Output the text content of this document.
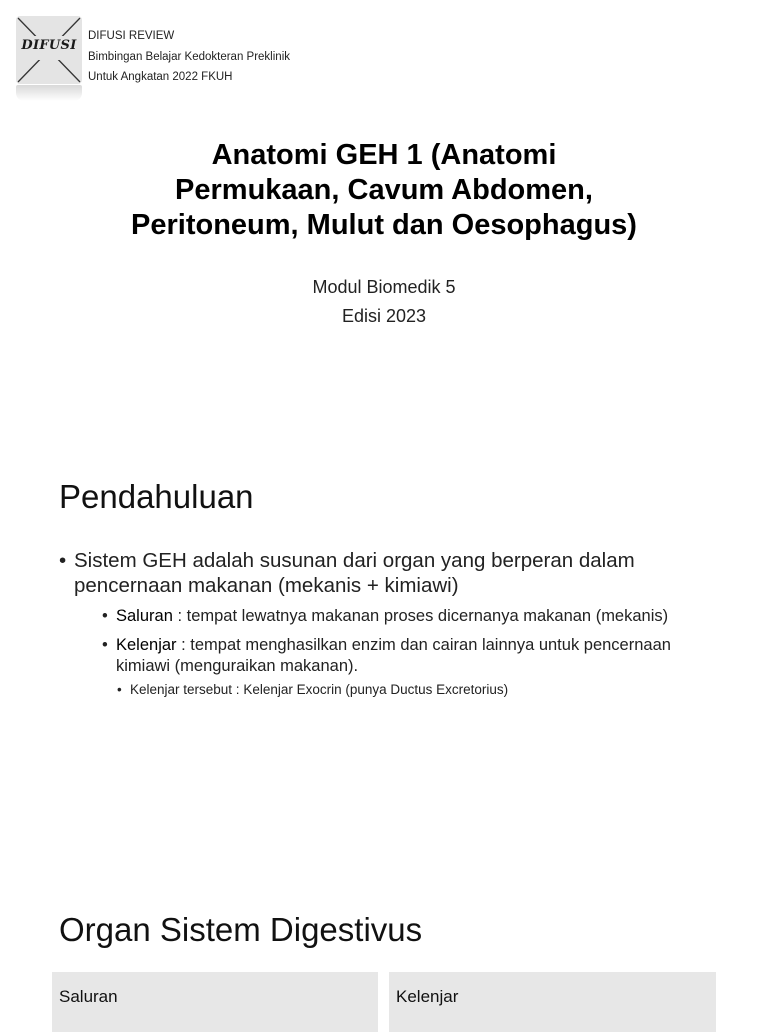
DIFUSI
DIFUSI REVIEW
Bimbingan Belajar Kedokteran Preklinik
Untuk Angkatan 2022 FKUH
Anatomi GEH 1 (Anatomi
Permukaan, Cavum Abdomen,
Peritoneum, Mulut dan Oesophagus)
Modul Biomedik 5
Edisi 2023
Pendahuluan
• Sistem GEH adalah susunan dari organ yang berperan dalam pencernaan makanan (mekanis + kimiawi)
• Saluran : tempat lewatnya makanan proses dicernanya makanan (mekanis)
• Kelenjar : tempat menghasilkan enzim dan cairan lainnya untuk pencernaan kimiawi (menguraikan makanan).
• Kelenjar tersebut : Kelenjar Exocrin (punya Ductus Excretorius)
Organ Sistem Digestivus
Saluran	Kelenjar
